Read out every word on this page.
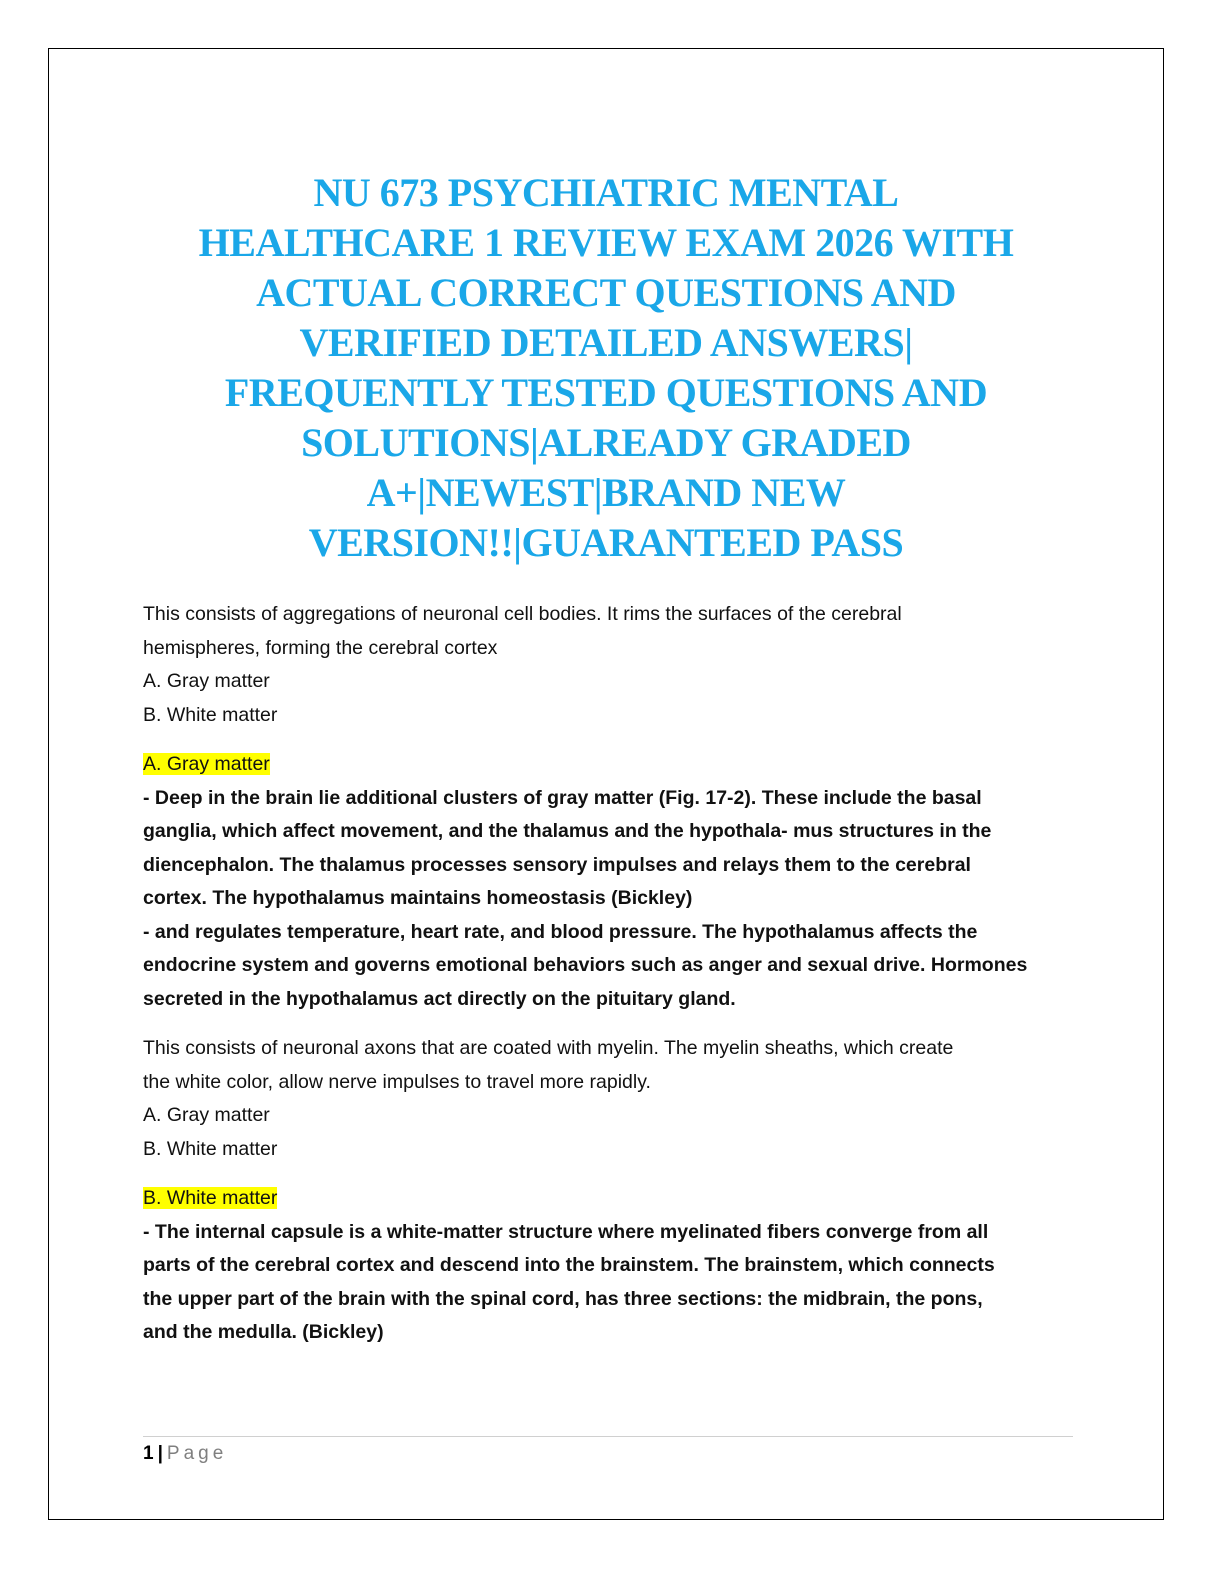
NU 673 PSYCHIATRIC MENTAL
HEALTHCARE 1 REVIEW EXAM 2026 WITH
ACTUAL CORRECT QUESTIONS AND
VERIFIED DETAILED ANSWERS|
FREQUENTLY TESTED QUESTIONS AND
SOLUTIONS|ALREADY GRADED
A+|NEWEST|BRAND NEW
VERSION!!|GUARANTEED PASS

This consists of aggregations of neuronal cell bodies. It rims the surfaces of the cerebral

hemispheres, forming the cerebral cortex

A. Gray matter

B. White matter

A. Gray matter

- Deep in the brain lie additional clusters of gray matter (Fig. 17-2). These include the basal

ganglia, which affect movement, and the thalamus and the hypothala- mus structures in the

diencephalon. The thalamus processes sensory impulses and relays them to the cerebral

cortex. The hypothalamus maintains homeostasis (Bickley)

- and regulates temperature, heart rate, and blood pressure. The hypothalamus affects the

endocrine system and governs emotional behaviors such as anger and sexual drive. Hormones

secreted in the hypothalamus act directly on the pituitary gland.

This consists of neuronal axons that are coated with myelin. The myelin sheaths, which create

the white color, allow nerve impulses to travel more rapidly.

A. Gray matter

B. White matter

B. White matter

- The internal capsule is a white-matter structure where myelinated fibers converge from all

parts of the cerebral cortex and descend into the brainstem. The brainstem, which connects

the upper part of the brain with the spinal cord, has three sections: the midbrain, the pons,

and the medulla. (Bickley)

1 | Page
